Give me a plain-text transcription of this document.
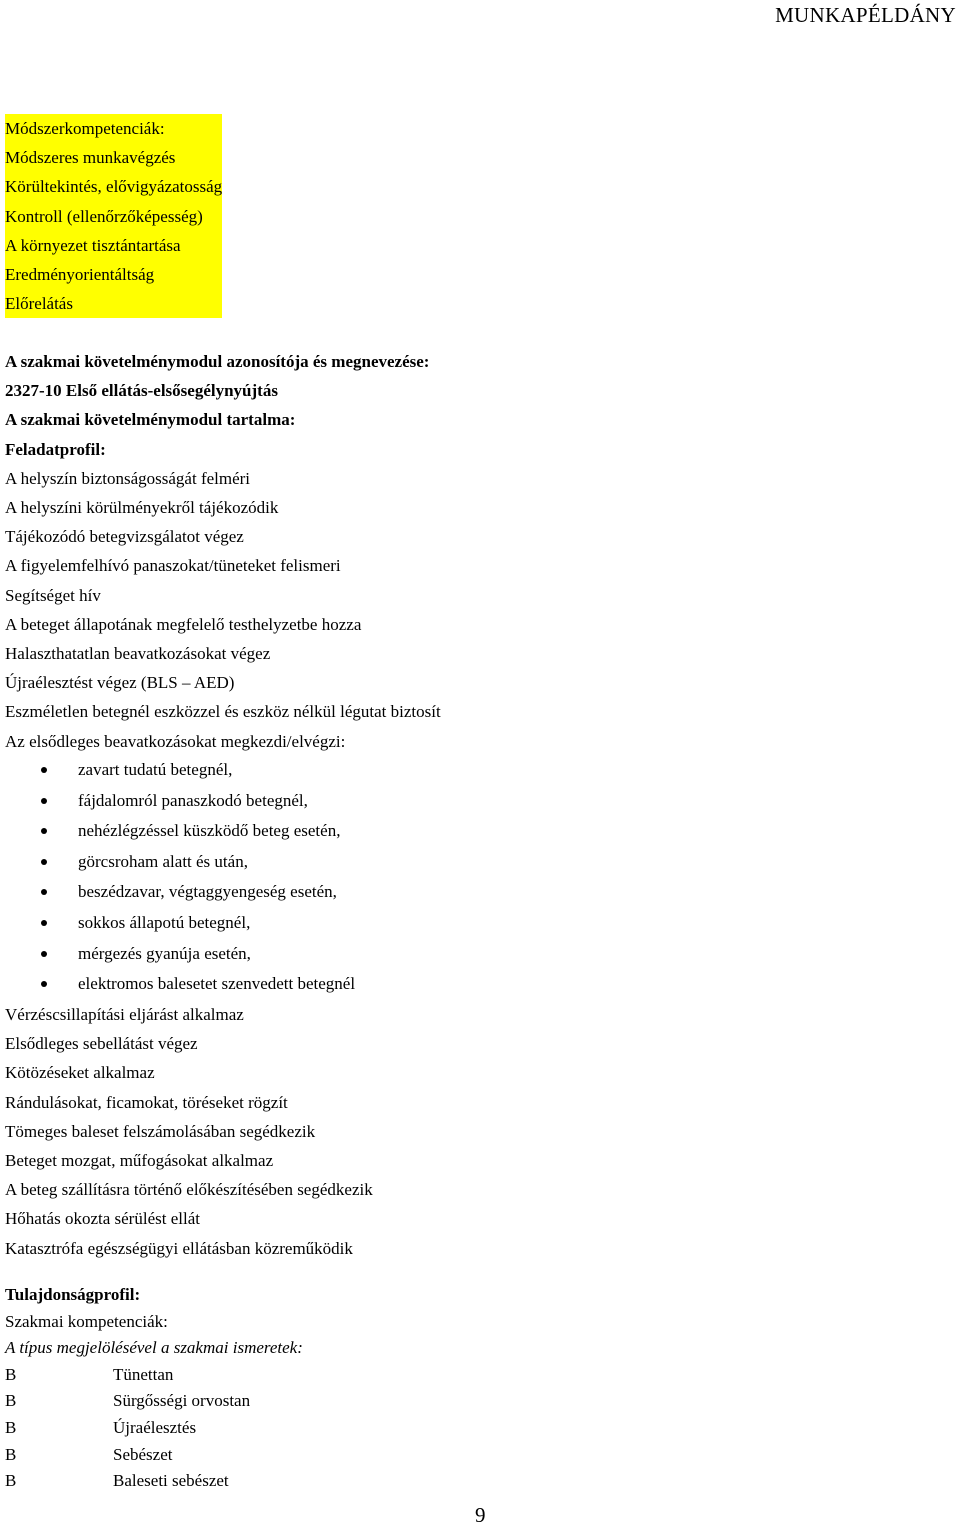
MUNKAPÉLDÁNY
Módszerkompetenciák:
Módszeres munkavégzés
Körültekintés, elővigyázatosság
Kontroll (ellenőrzőképesség)
A környezet tisztántartása
Eredményorientáltság
Előrelátás
A szakmai követelménymodul azonosítója és megnevezése:
2327-10 Első ellátás-elsősegélynyújtás
A szakmai követelménymodul tartalma:
Feladatprofil:
A helyszín biztonságosságát felméri
A helyszíni körülményekről tájékozódik
Tájékozódó betegvizsgálatot végez
A figyelemfelhívó panaszokat/tüneteket felismeri
Segítséget hív
A beteget állapotának megfelelő testhelyzetbe hozza
Halaszthatatlan beavatkozásokat végez
Újraélesztést végez (BLS – AED)
Eszméletlen betegnél eszközzel és eszköz nélkül légutat biztosít
Az elsődleges beavatkozásokat megkezdi/elvégzi:
zavart tudatú betegnél,
fájdalomról panaszkodó betegnél,
nehézlégzéssel küszködő beteg esetén,
görcsroham alatt és után,
beszédzavar, végtaggyengeség esetén,
sokkos állapotú betegnél,
mérgezés gyanúja esetén,
elektromos balesetet szenvedett betegnél
Vérzéscsillapítási eljárást alkalmaz
Elsődleges sebellátást végez
Kötözéseket alkalmaz
Rándulásokat, ficamokat, töréseket rögzít
Tömeges baleset felszámolásában segédkezik
Beteget mozgat, műfogásokat alkalmaz
A beteg szállításra történő előkészítésében segédkezik
Hőhatás okozta sérülést ellát
Katasztrófa egészségügyi ellátásban közreműködik
Tulajdonságprofil:
Szakmai kompetenciák:
A típus megjelölésével a szakmai ismeretek:
B	Tünettan
B	Sürgősségi orvostan
B	Újraélesztés
B	Sebészet
B	Baleseti sebészet
9
